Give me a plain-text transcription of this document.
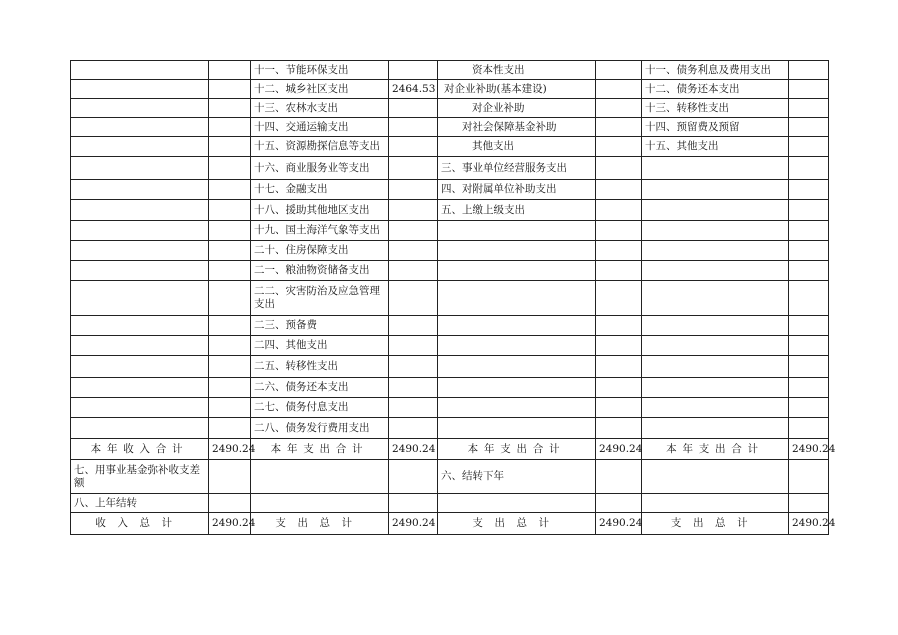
		十一、节能环保支出		资本性支出		十一、债务利息及费用支出	
		十二、城乡社区支出	2464.53	对企业补助(基本建设)		十二、债务还本支出	
		十三、农林水支出		对企业补助		十三、转移性支出	
		十四、交通运输支出		对社会保障基金补助		十四、预留费及预留	
		十五、资源勘探信息等支出		其他支出		十五、其他支出	
		十六、商业服务业等支出		三、事业单位经营服务支出			
		十七、金融支出		四、对附属单位补助支出			
		十八、援助其他地区支出		五、上缴上级支出			
		十九、国土海洋气象等支出					
		二十、住房保障支出					
		二一、粮油物资储备支出					
		二二、灾害防治及应急管理支出					
		二三、预备费					
		二四、其他支出					
		二五、转移性支出					
		二六、债务还本支出					
		二七、债务付息支出					
		二八、债务发行费用支出					
本年收入合计	2490.24	本年支出合计	2490.24	本年支出合计	2490.24	本年支出合计	2490.24
七、用事业基金弥补收支差额				六、结转下年			
八、上年结转							
收入总计	2490.24	支出总计	2490.24	支出总计	2490.24	支出总计	2490.24
